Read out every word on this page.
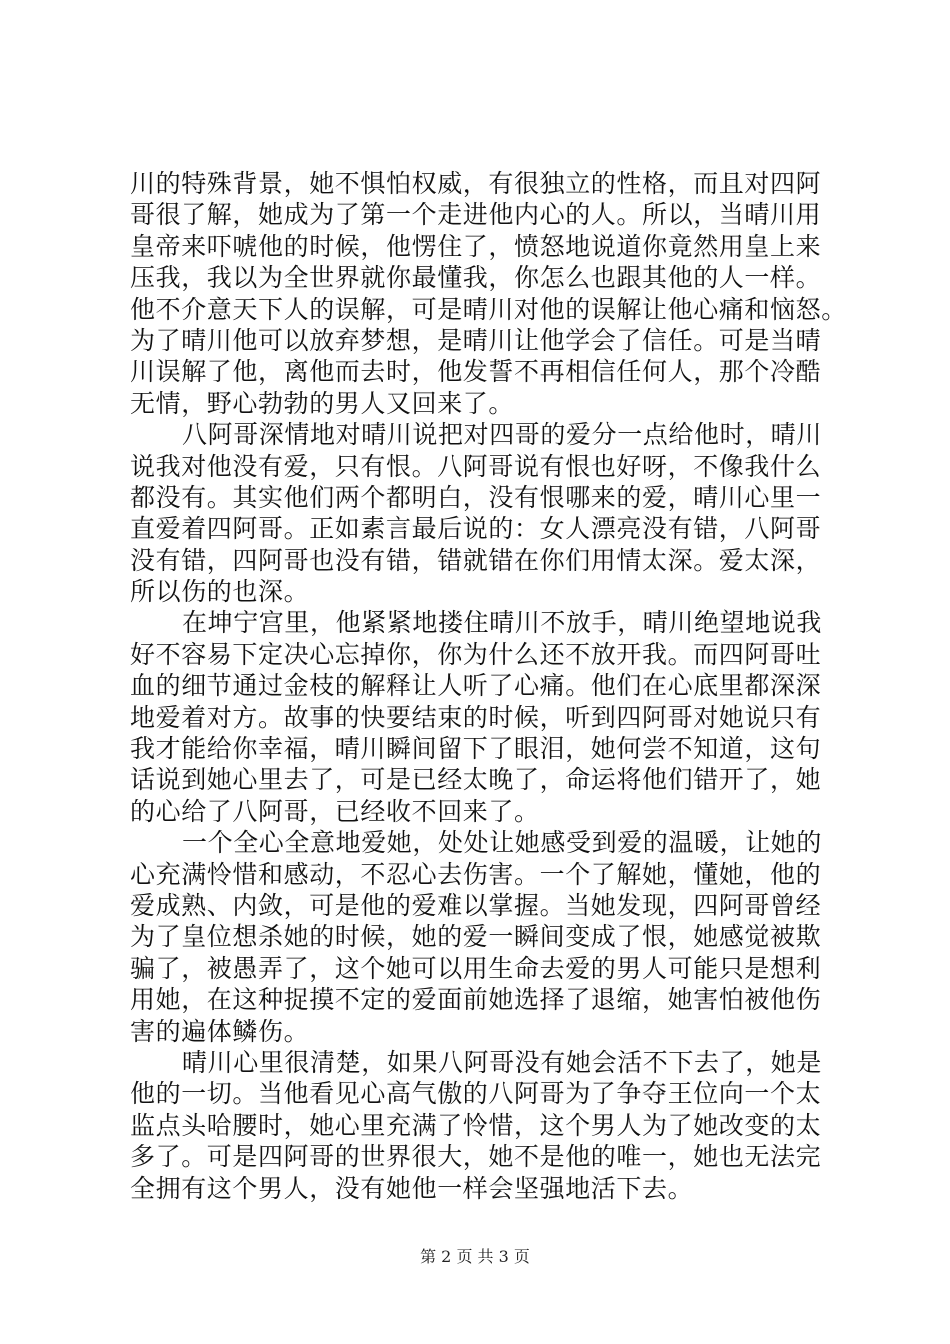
川的特殊背景，她不惧怕权威，有很独立的性格，而且对四阿
哥很了解，她成为了第一个走进他内心的人。所以，当晴川用
皇帝来吓唬他的时候，他愣住了，愤怒地说道你竟然用皇上来
压我，我以为全世界就你最懂我，你怎么也跟其他的人一样。
他不介意天下人的误解，可是晴川对他的误解让他心痛和恼怒。
为了晴川他可以放弃梦想，是晴川让他学会了信任。可是当晴
川误解了他，离他而去时，他发誓不再相信任何人，那个冷酷
无情，野心勃勃的男人又回来了。
八阿哥深情地对晴川说把对四哥的爱分一点给他时，晴川
说我对他没有爱，只有恨。八阿哥说有恨也好呀，不像我什么
都没有。其实他们两个都明白，没有恨哪来的爱，晴川心里一
直爱着四阿哥。正如素言最后说的：女人漂亮没有错，八阿哥
没有错，四阿哥也没有错，错就错在你们用情太深。爱太深，
所以伤的也深。
在坤宁宫里，他紧紧地搂住晴川不放手，晴川绝望地说我
好不容易下定决心忘掉你，你为什么还不放开我。而四阿哥吐
血的细节通过金枝的解释让人听了心痛。他们在心底里都深深
地爱着对方。故事的快要结束的时候，听到四阿哥对她说只有
我才能给你幸福，晴川瞬间留下了眼泪，她何尝不知道，这句
话说到她心里去了，可是已经太晚了，命运将他们错开了，她
的心给了八阿哥，已经收不回来了。
一个全心全意地爱她，处处让她感受到爱的温暖，让她的
心充满怜惜和感动，不忍心去伤害。一个了解她，懂她，他的
爱成熟、内敛，可是他的爱难以掌握。当她发现，四阿哥曾经
为了皇位想杀她的时候，她的爱一瞬间变成了恨，她感觉被欺
骗了，被愚弄了，这个她可以用生命去爱的男人可能只是想利
用她，在这种捉摸不定的爱面前她选择了退缩，她害怕被他伤
害的遍体鳞伤。
晴川心里很清楚，如果八阿哥没有她会活不下去了，她是
他的一切。当他看见心高气傲的八阿哥为了争夺王位向一个太
监点头哈腰时，她心里充满了怜惜，这个男人为了她改变的太
多了。可是四阿哥的世界很大，她不是他的唯一，她也无法完
全拥有这个男人，没有她他一样会坚强地活下去。
第 2 页 共 3 页
